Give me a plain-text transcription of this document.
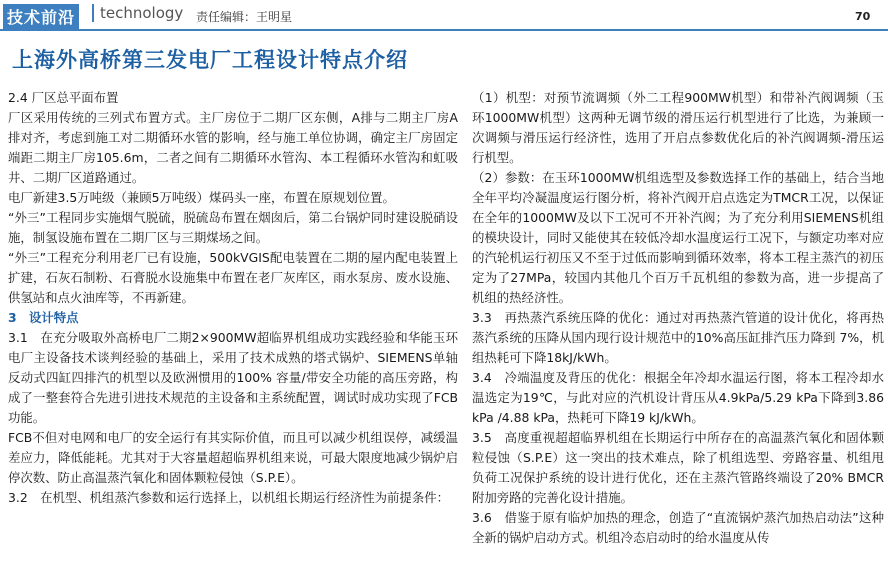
技术前沿	technology 责任编辑：王明星	70
上海外高桥第三发电厂工程设计特点介绍

2.4 厂区总平面布置

厂区采用传统的三列式布置方式。主厂房位于二期厂区东侧，A排与二期主厂房A排对齐，考虑到施工对二期循环水管的影响，经与施工单位协调，确定主厂房固定端距二期主厂房105.6m，二者之间有二期循环水管沟、本工程循环水管沟和虹吸井、二期厂区道路通过。

电厂新建3.5万吨级（兼顾5万吨级）煤码头一座，布置在原规划位置。

“外三”工程同步实施烟气脱硫，脱硫岛布置在烟囱后，第二台锅炉同时建设脱硝设施，制氢设施布置在二期厂区与三期煤场之间。

“外三”工程充分利用老厂已有设施，500kVGIS配电装置在二期的屋内配电装置上扩建，石灰石制粉、石膏脱水设施集中布置在老厂灰库区，雨水泵房、废水设施、供氢站和点火油库等，不再新建。

3　设计特点

3.1　在充分吸取外高桥电厂二期2×900MW超临界机组成功实践经验和华能玉环电厂主设备技术谈判经验的基础上，采用了技术成熟的塔式锅炉、SIEMENS单轴反动式四缸四排汽的机型以及欧洲惯用的100% 容量/带安全功能的高压旁路，构成了一整套符合先进引进技术规范的主设备和主系统配置，调试时成功实现了FCB功能。

FCB不但对电网和电厂的安全运行有其实际价值，而且可以减少机组误停，减缓温差应力，降低能耗。尤其对于大容量超超临界机组来说，可最大限度地减少锅炉启停次数、防止高温蒸汽氧化和固体颗粒侵蚀（S.P.E）。

3.2　在机型、机组蒸汽参数和运行选择上，以机组长期运行经济性为前提条件：

（1）机型：对预节流调频（外二工程900MW机型）和带补汽阀调频（玉环1000MW机型）这两种无调节级的滑压运行机型进行了比选，为兼顾一次调频与滑压运行经济性，选用了开启点参数优化后的补汽阀调频-滑压运行机型。

（2）参数：在玉环1000MW机组选型及参数选择工作的基础上，结合当地全年平均冷凝温度运行图分析，将补汽阀开启点选定为TMCR工况，以保证在全年的1000MW及以下工况可不开补汽阀；为了充分利用SIEMENS机组的模块设计，同时又能使其在较低冷却水温度运行工况下，与额定功率对应的汽轮机运行初压又不至于过低而影响到循环效率，将本工程主蒸汽的初压定为了27MPa，较国内其他几个百万千瓦机组的参数为高，进一步提高了机组的热经济性。

3.3　再热蒸汽系统压降的优化：通过对再热蒸汽管道的设计优化，将再热蒸汽系统的压降从国内现行设计规范中的10%高压缸排汽压力降到 7%，机组热耗可下降18kJ/kWh。

3.4　冷端温度及背压的优化：根据全年冷却水温运行图，将本工程冷却水温选定为19℃，与此对应的汽机设计背压从4.9kPa/5.29 kPa下降到3.86 kPa /4.88 kPa，热耗可下降19 kJ/kWh。

3.5　高度重视超超临界机组在长期运行中所存在的高温蒸汽氧化和固体颗粒侵蚀（S.P.E）这一突出的技术难点，除了机组选型、旁路容量、机组甩负荷工况保护系统的设计进行优化，还在主蒸汽管路终端设了20% BMCR附加旁路的完善化设计措施。

3.6　借鉴于原有临炉加热的理念，创造了“直流锅炉蒸汽加热启动法”这种全新的锅炉启动方式。机组冷态启动时的给水温度从传
